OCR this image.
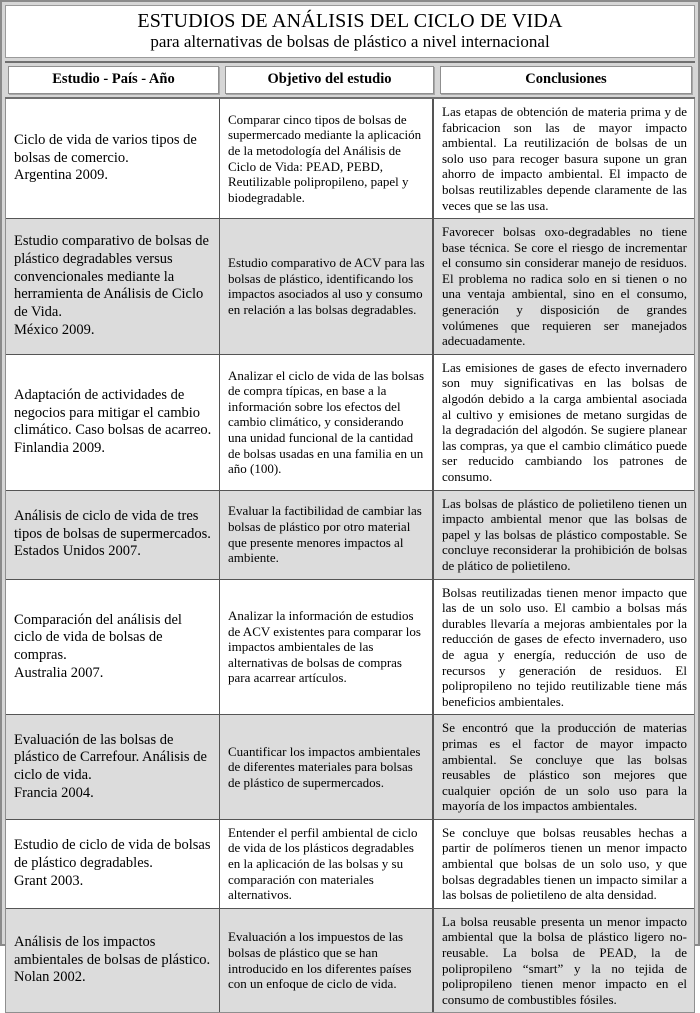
ESTUDIOS DE ANÁLISIS DEL CICLO DE VIDA
para alternativas de bolsas de plástico a nivel internacional
Estudio - País - Año	Objetivo del estudio	Conclusiones

Ciclo de vida de varios tipos de bolsas de comercio.

Argentina 2009.

Comparar cinco tipos de bolsas de supermercado mediante la aplicación de la metodología del Análisis de Ciclo de Vida: PEAD, PEBD, Reutilizable polipropileno, papel y biodegradable.

Las etapas de obtención de materia prima y de fabricacion son las de mayor impacto ambiental. La reutilización de bolsas de un solo uso para recoger basura supone un gran ahorro de impacto ambiental. El impacto de bolsas reutilizables depende claramente de las veces que se las usa.

Estudio comparativo de bolsas de plástico degradables versus convencionales mediante la herramienta de Análisis de Ciclo de Vida.

México 2009.

Estudio comparativo de ACV para las bolsas de plástico, identificando los impactos asociados al uso y consumo en relación a las bolsas degradables.

Favorecer bolsas oxo-degradables no tiene base técnica. Se core el riesgo de incrementar el consumo sin considerar manejo de residuos. El problema no radica solo en si tienen o no una ventaja ambiental, sino en el consumo, generación y disposición de grandes volúmenes que requieren ser manejados adecuadamente.

Adaptación de actividades de negocios para mitigar el cambio climático. Caso bolsas de acarreo.

Finlandia 2009.

Analizar el ciclo de vida de las bolsas de compra típicas, en base a la información sobre los efectos del cambio climático, y considerando una unidad funcional de la cantidad de bolsas usadas en una familia en un año (100).

Las emisiones de gases de efecto invernadero son muy significativas en las bolsas de algodón debido a la carga ambiental asociada al cultivo y emisiones de metano surgidas de la degradación del algodón. Se sugiere planear las compras, ya que el cambio climático puede ser reducido cambiando los patrones de consumo.

Análisis de ciclo de vida de tres tipos de bolsas de supermercados.

Estados Unidos 2007.

Evaluar la factibilidad de cambiar las bolsas de plástico por otro material que presente menores impactos al ambiente.

Las bolsas de plástico de polietileno tienen un impacto ambiental menor que las bolsas de papel y las bolsas de plástico compostable. Se concluye reconsiderar la prohibición de bolsas de plático de polietileno.

Comparación del análisis del ciclo de vida de bolsas de compras.

Australia 2007.

Analizar la información de estudios de ACV existentes para comparar los impactos ambientales de las alternativas de bolsas de compras para acarrear artículos.

Bolsas reutilizadas tienen menor impacto que las de un solo uso. El cambio a bolsas más durables llevaría a mejoras ambientales por la reducción de gases de efecto invernadero, uso de agua y energía, reducción de uso de recursos y generación de residuos. El polipropileno no tejido reutilizable tiene más beneficios ambientales.

Evaluación de las bolsas de plástico de Carrefour. Análisis de ciclo de vida.

Francia 2004.

Cuantificar los impactos ambientales de diferentes materiales para bolsas de plástico de supermercados.

Se encontró que la producción de materias primas es el factor de mayor impacto ambiental. Se concluye que las bolsas reusables de plástico son mejores que cualquier opción de un solo uso para la mayoría de los impactos ambientales.

Estudio de ciclo de vida de bolsas de plástico degradables.

Grant 2003.

Entender el perfil ambiental de ciclo de vida de los plásticos degradables en la aplicación de las bolsas y su comparación con materiales alternativos.

Se concluye que bolsas reusables hechas a partir de polímeros tienen un menor impacto ambiental que bolsas de un solo uso, y que bolsas degradables tienen un impacto similar a las bolsas de polietileno de alta densidad.

Análisis de los impactos ambientales de bolsas de plástico.

Nolan 2002.

Evaluación a los impuestos de las bolsas de plástico que se han introducido en los diferentes países con un enfoque de ciclo de vida.

La bolsa reusable presenta un menor impacto ambiental que la bolsa de plástico ligero no-reusable. La bolsa de PEAD, la de polipropileno “smart” y la no tejida de polipropileno tienen menor impacto en el consumo de combustibles fósiles.
